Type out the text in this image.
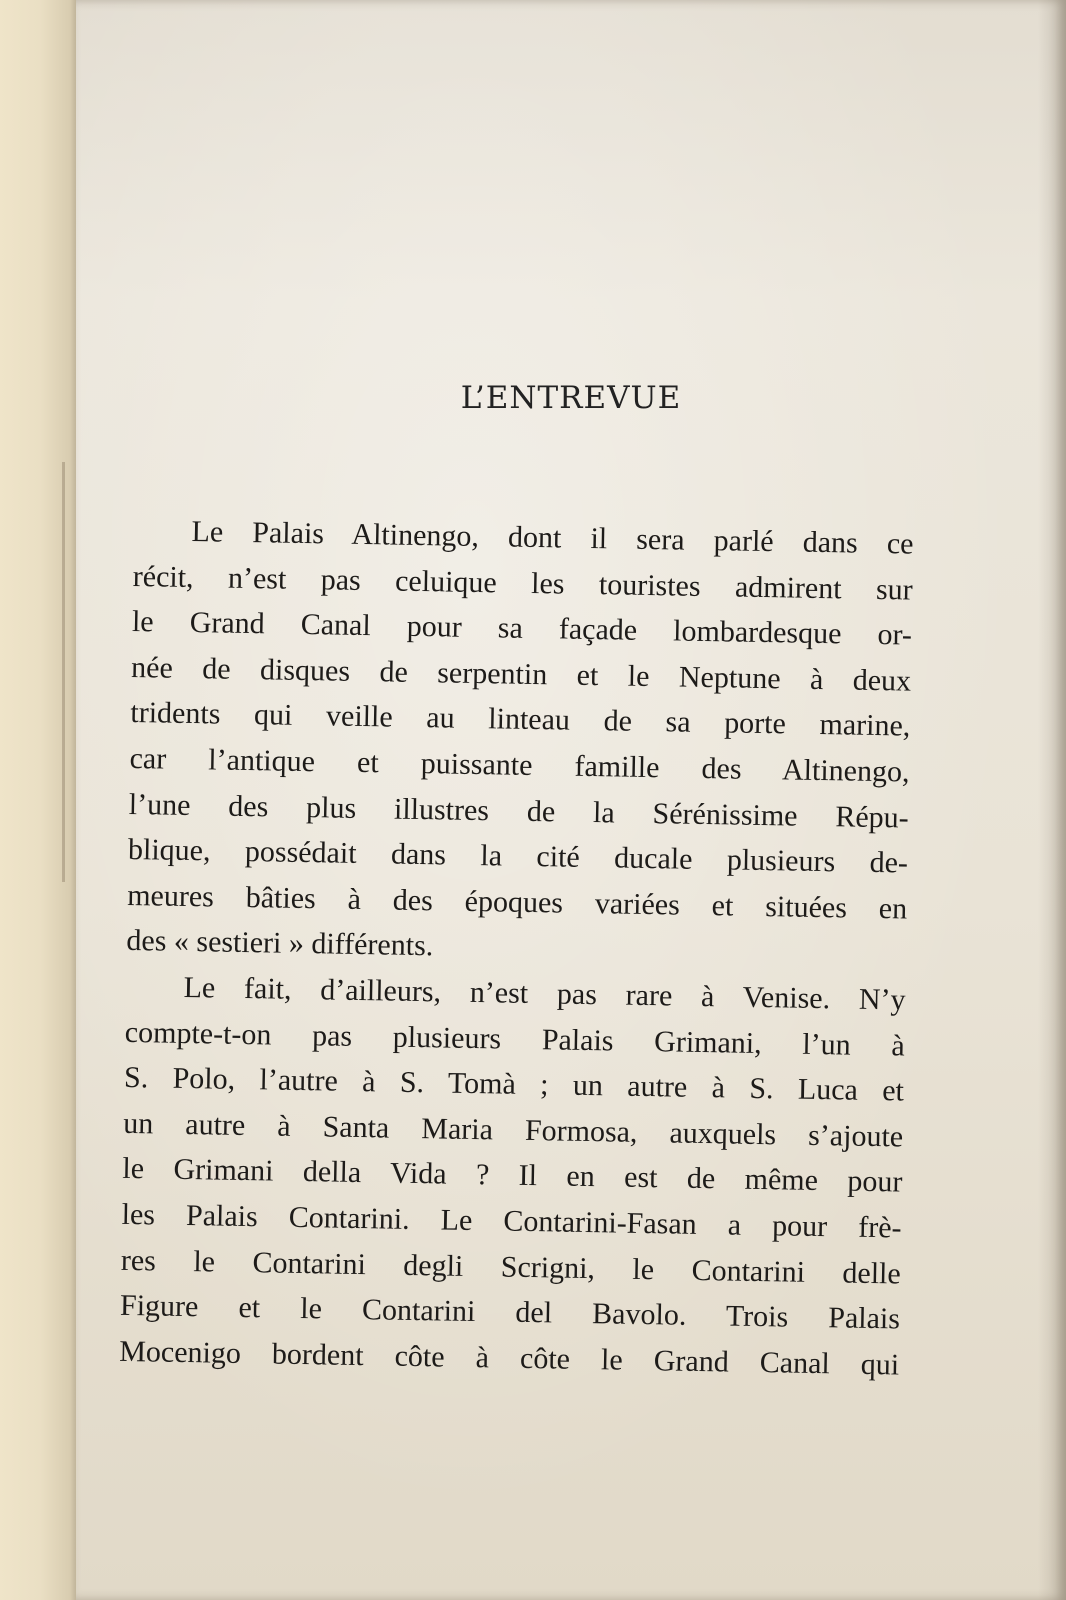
L’ENTREVUE
Le Palais Altinengo, dont il sera parlé dans ce
récit, n’est pas celuique les touristes admirent sur
le Grand Canal pour sa façade lombardesque or-
née de disques de serpentin et le Neptune à deux
tridents qui veille au linteau de sa porte marine,
car l’antique et puissante famille des Altinengo,
l’une des plus illustres de la Sérénissime Répu-
blique, possédait dans la cité ducale plusieurs de-
meures bâties à des époques variées et situées en
des « sestieri » différents.
Le fait, d’ailleurs, n’est pas rare à Venise. N’y
compte-t-on pas plusieurs Palais Grimani, l’un à
S. Polo, l’autre à S. Tomà ; un autre à S. Luca et
un autre à Santa Maria Formosa, auxquels s’ajoute
le Grimani della Vida ? Il en est de même pour
les Palais Contarini. Le Contarini-Fasan a pour frè-
res le Contarini degli Scrigni, le Contarini delle
Figure et le Contarini del Bavolo. Trois Palais
Mocenigo bordent côte à côte le Grand Canal qui
